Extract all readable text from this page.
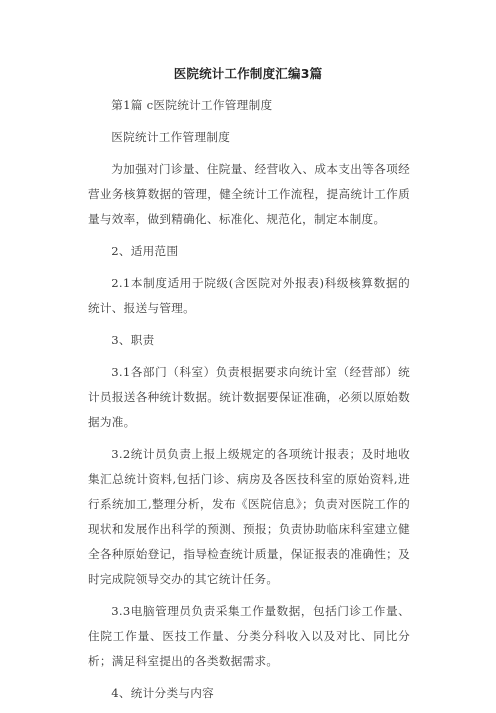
医院统计工作制度汇编3篇

第1篇 c医院统计工作管理制度

医院统计工作管理制度

为加强对门诊量、住院量、经营收入、成本支出等各项经营业务核算数据的管理，健全统计工作流程，提高统计工作质量与效率，做到精确化、标准化、规范化，制定本制度。

2、适用范围

2.1本制度适用于院级(含医院对外报表)科级核算数据的统计、报送与管理。

3、职责

3.1各部门（科室）负责根据要求向统计室（经营部）统计员报送各种统计数据。统计数据要保证准确，必须以原始数据为准。

3.2统计员负责上报上级规定的各项统计报表；及时地收集汇总统计资料,包括门诊、病房及各医技科室的原始资料,进行系统加工,整理分析，发布《医院信息》；负责对医院工作的现状和发展作出科学的预测、预报；负责协助临床科室建立健全各种原始登记，指导检查统计质量，保证报表的准确性；及时完成院领导交办的其它统计任务。

3.3电脑管理员负责采集工作量数据，包括门诊工作量、住院工作量、医技工作量、分类分科收入以及对比、同比分析；满足科室提出的各类数据需求。

4、统计分类与内容
